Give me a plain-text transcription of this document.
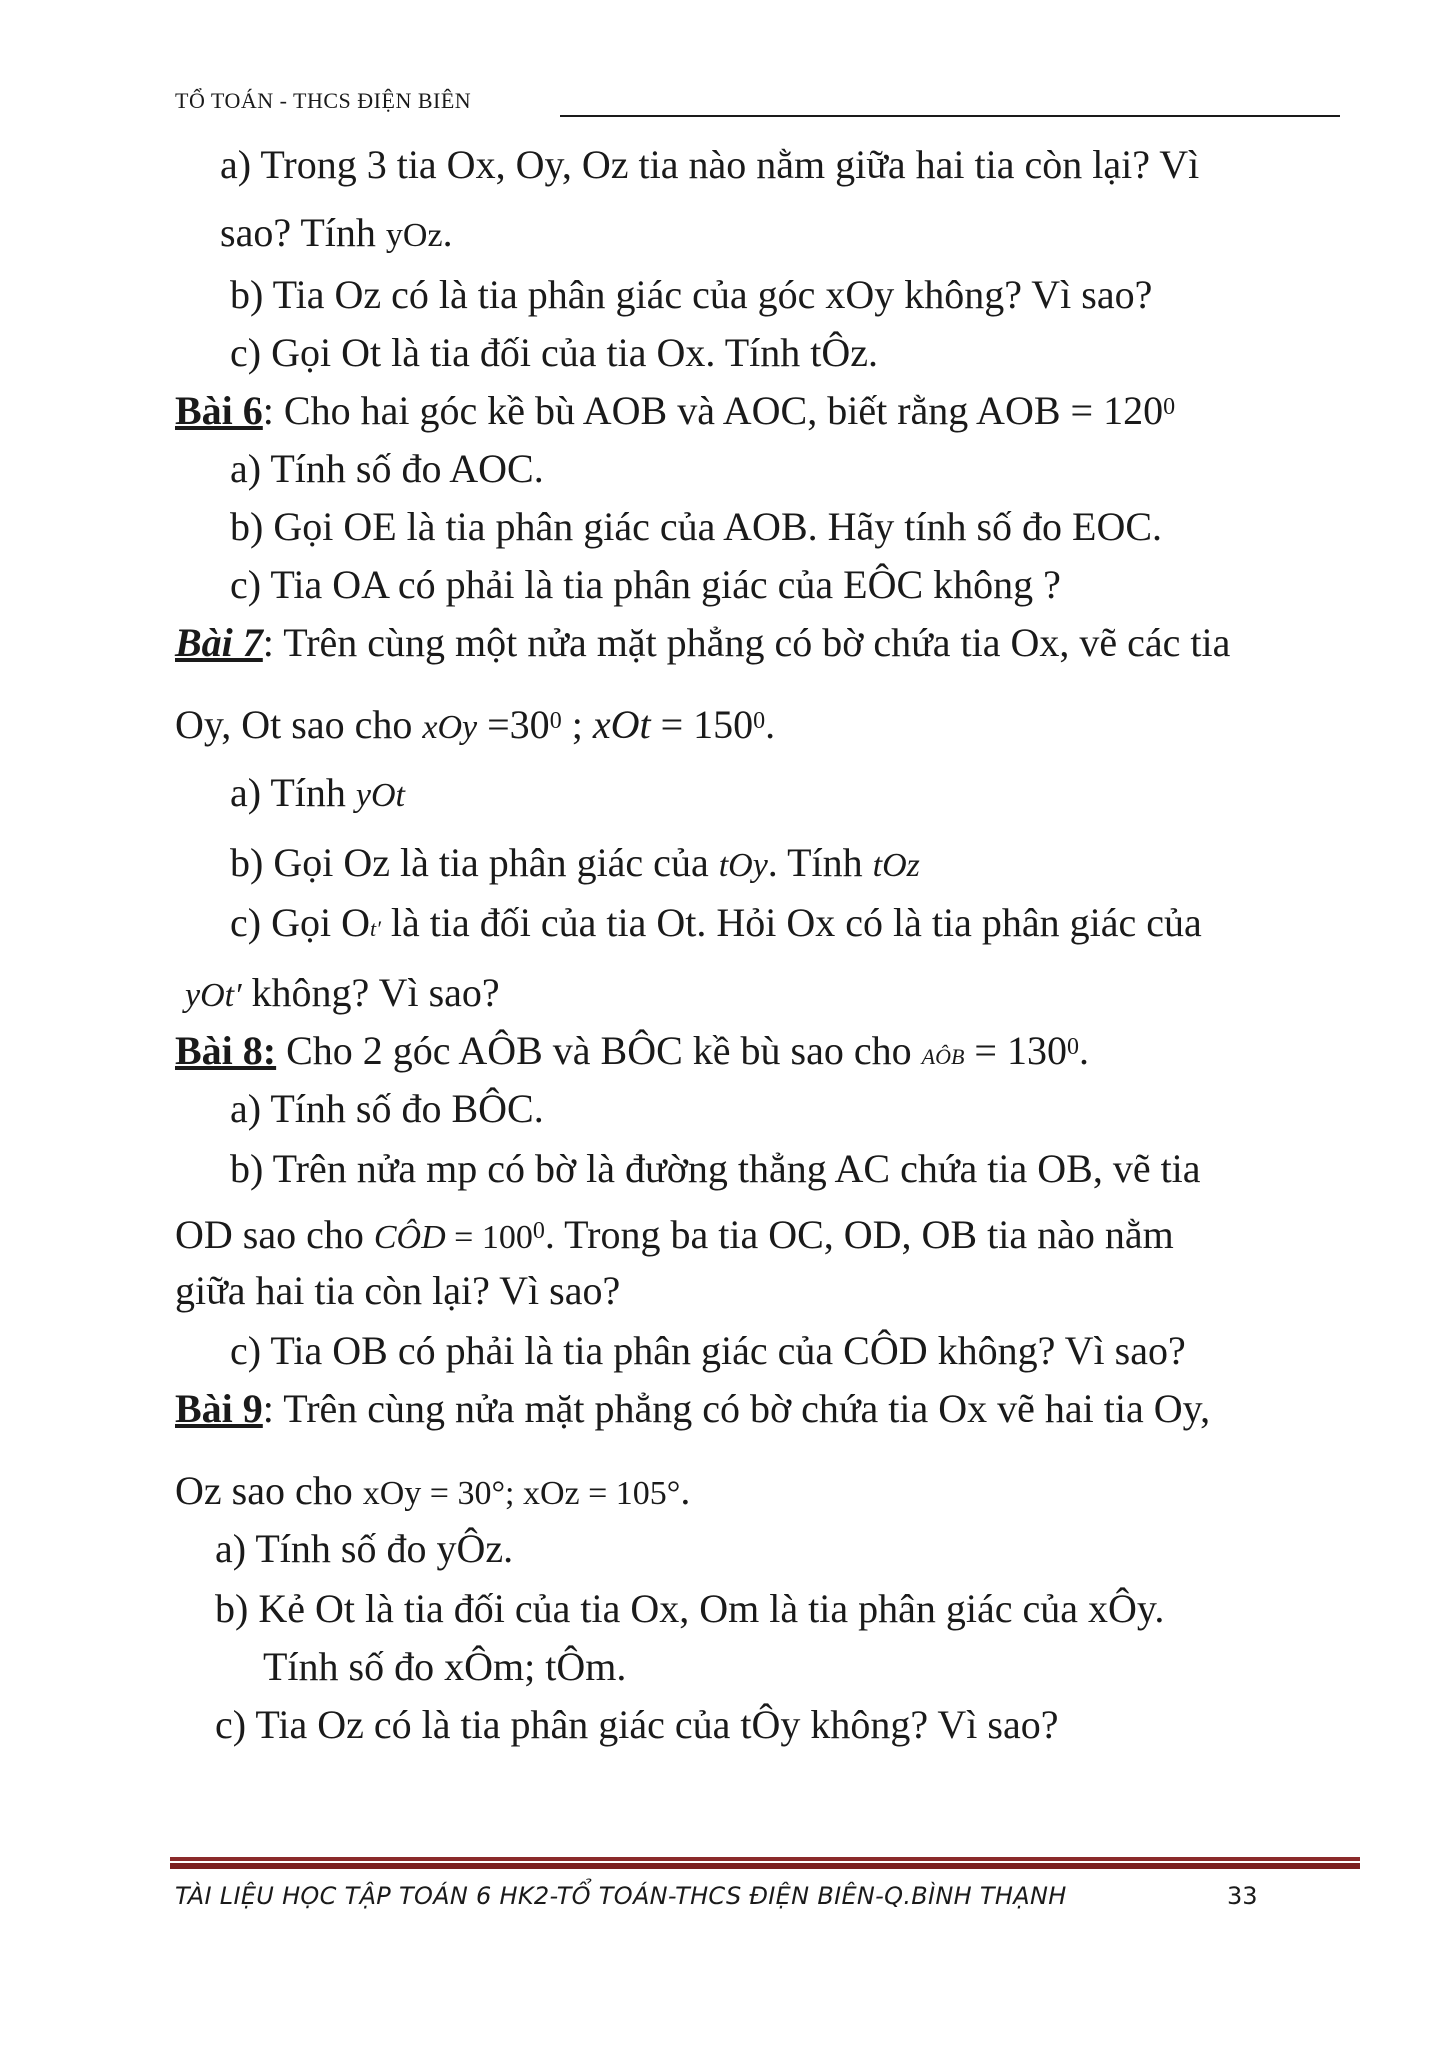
TỔ TOÁN - THCS ĐIỆN BIÊN
a) Trong 3 tia Ox, Oy, Oz tia nào nằm giữa hai tia còn lại? Vì
sao? Tính yOz.
b) Tia Oz có là tia phân giác của góc xOy không? Vì sao?
c) Gọi Ot là tia đối của tia Ox. Tính tÔz.
Bài 6: Cho hai góc kề bù AOB và AOC, biết rằng AOB = $120^0$
a) Tính số đo AOC.
b) Gọi OE là tia phân giác của AOB. Hãy tính số đo EOC.
c) Tia OA có phải là tia phân giác của EÔC không ?
Bài 7: Trên cùng một nửa mặt phẳng có bờ chứa tia Ox, vẽ các tia
Oy, Ot sao cho xOy $=30^0$ ; xOt = $150^0$.
a) Tính yOt
b) Gọi Oz là tia phân giác của tOy. Tính tOz
c) Gọi Ot′ là tia đối của tia Ot. Hỏi Ox có là tia phân giác của
yOt′ không? Vì sao?
Bài 8: Cho 2 góc AÔB và BÔC kề bù sao cho AÔB = $130^0$.
a) Tính số đo BÔC.
b) Trên nửa mp có bờ là đường thẳng AC chứa tia OB, vẽ tia
OD sao cho CÔD = $100^0$. Trong ba tia OC, OD, OB tia nào nằm
giữa hai tia còn lại? Vì sao?
c) Tia OB có phải là tia phân giác của CÔD không? Vì sao?
Bài 9: Trên cùng nửa mặt phẳng có bờ chứa tia Ox vẽ hai tia Oy,
Oz sao cho xOy = 30°; xOz = 105°.
a) Tính số đo yÔz.
b) Kẻ Ot là tia đối của tia Ox, Om là tia phân giác của xÔy.
Tính số đo xÔm; tÔm.
c) Tia Oz có là tia phân giác của tÔy không? Vì sao?
TÀI LIỆU HỌC TẬP TOÁN 6 HK2-TỔ TOÁN-THCS ĐIỆN BIÊN-Q.BÌNH THẠNH	33
